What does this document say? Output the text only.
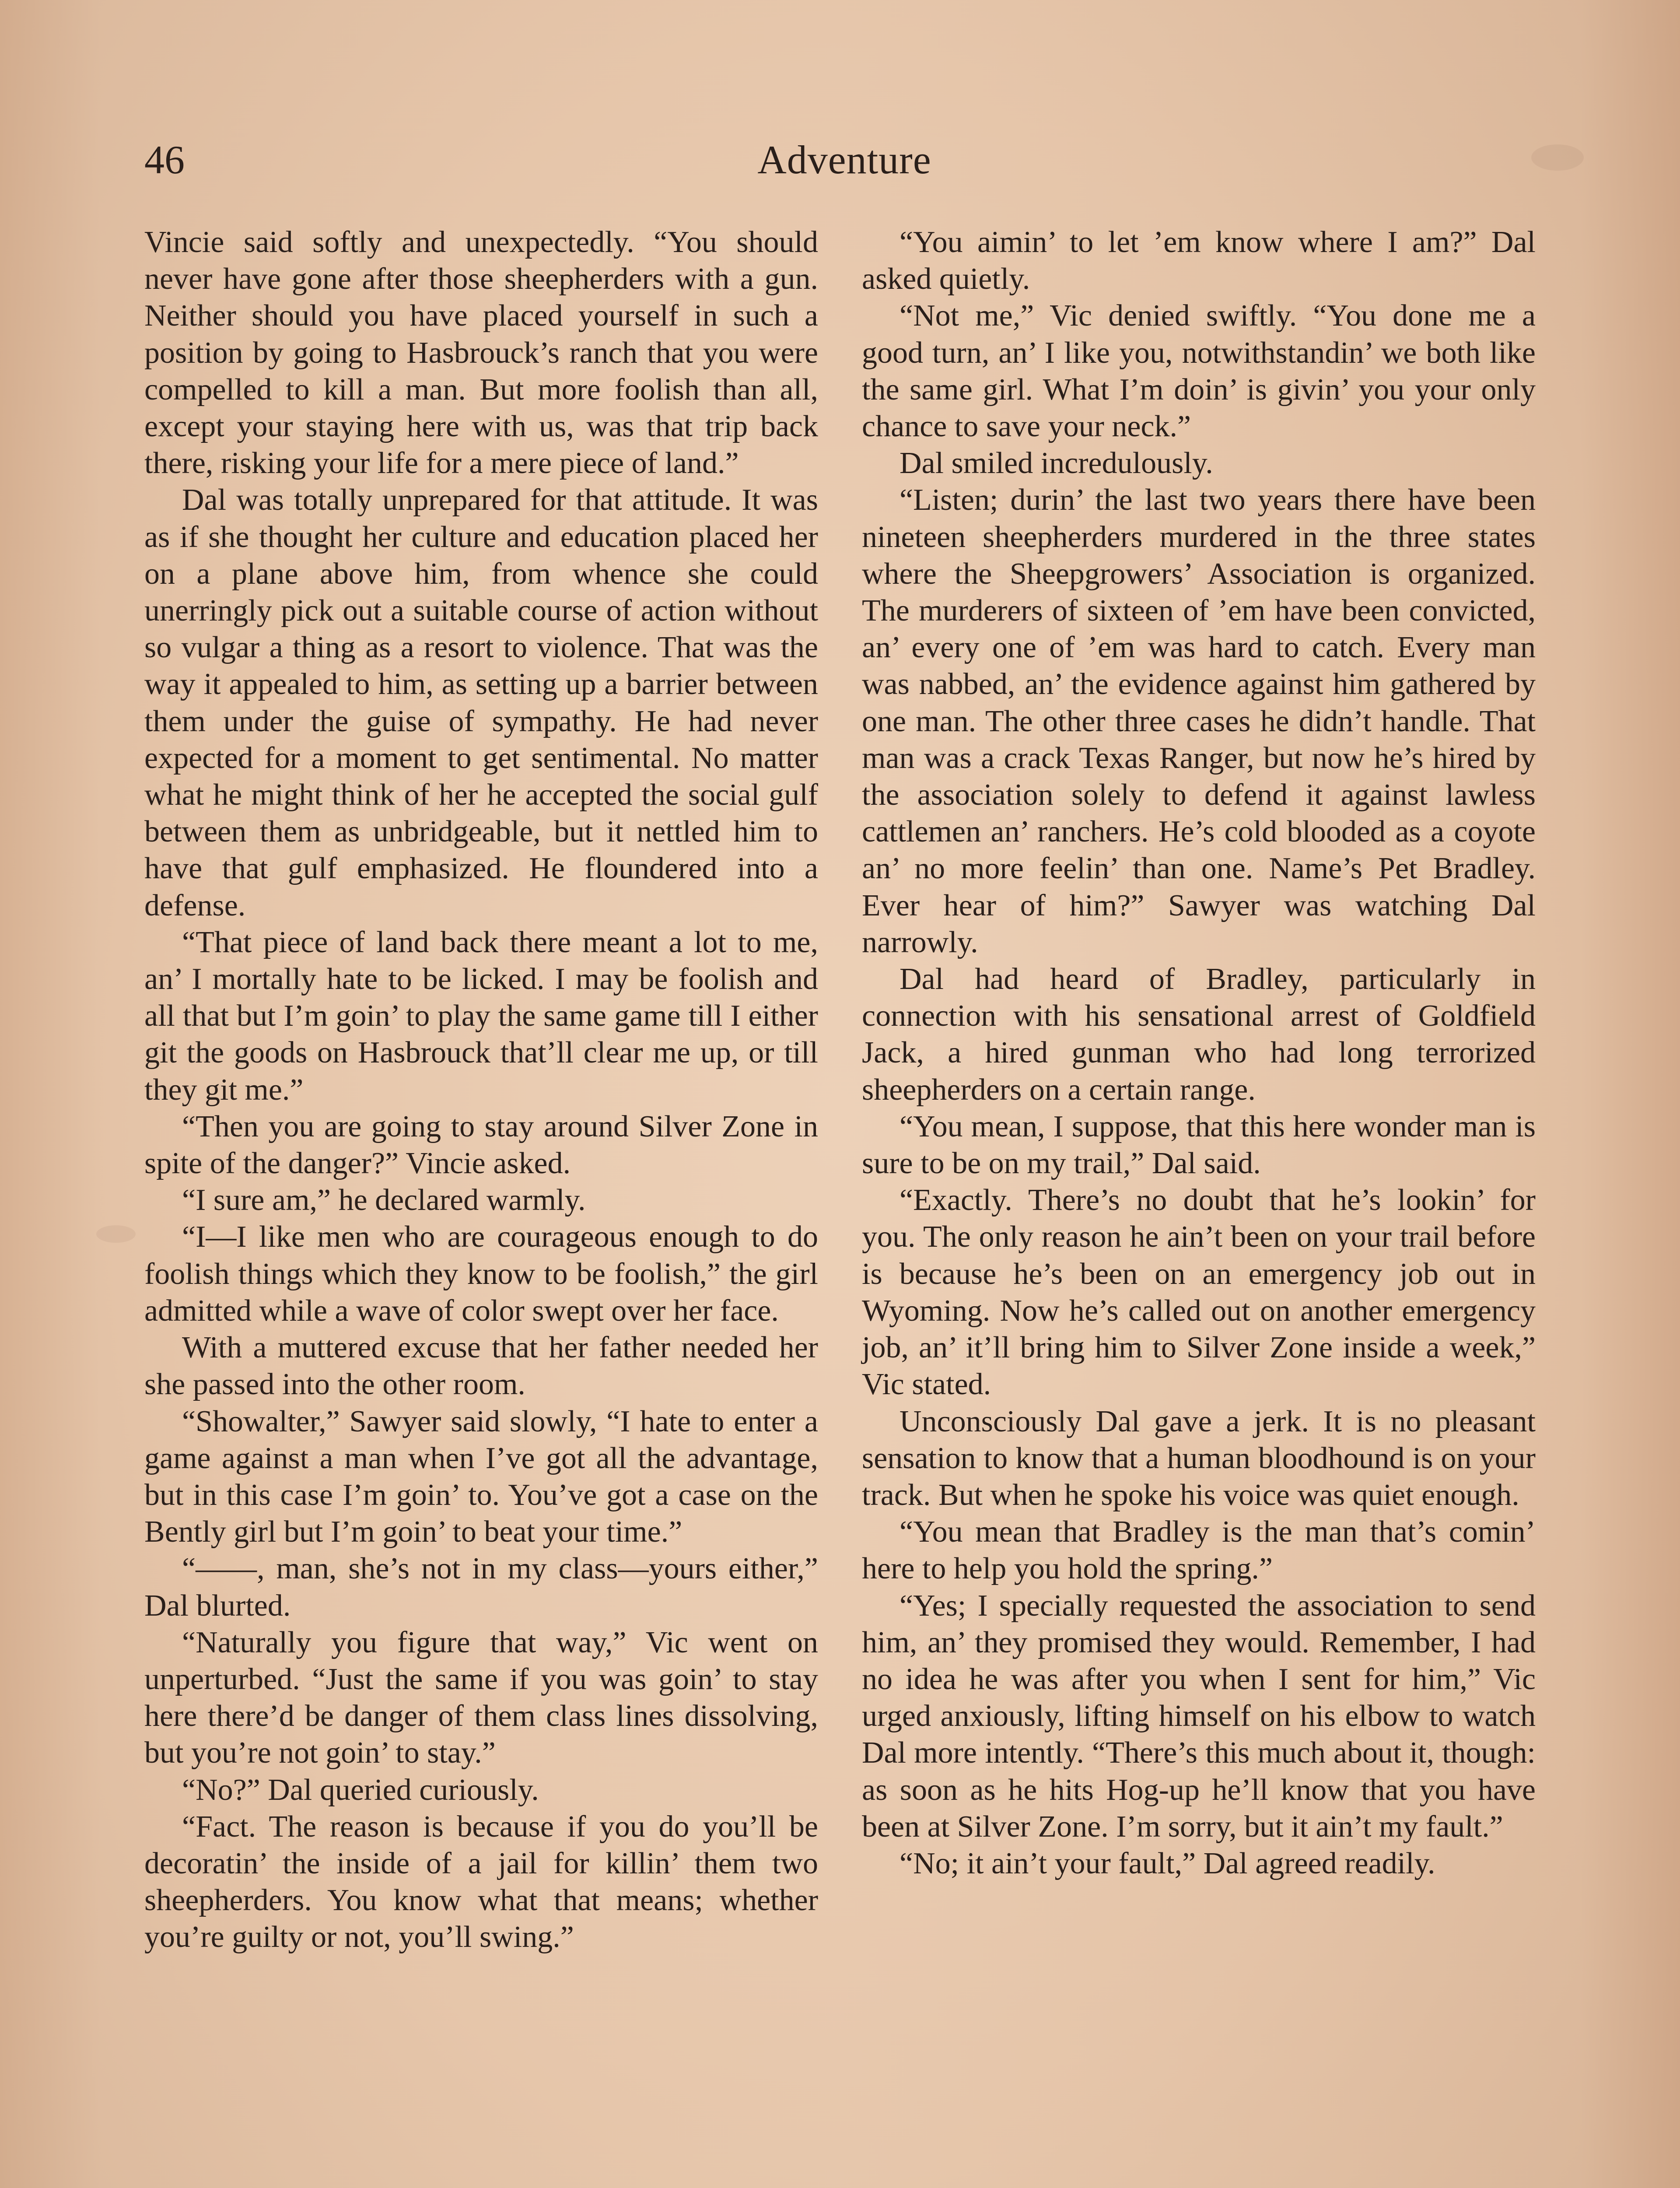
46	Adventure

Vincie said softly and unexpectedly. “You should never have gone after those sheepherders with a gun. Neither should you have placed yourself in such a position by going to Hasbrouck’s ranch that you were compelled to kill a man. But more foolish than all, except your staying here with us, was that trip back there, risking your life for a mere piece of land.”

Dal was totally unprepared for that attitude. It was as if she thought her culture and education placed her on a plane above him, from whence she could unerringly pick out a suitable course of action without so vulgar a thing as a resort to violence. That was the way it appealed to him, as setting up a barrier between them under the guise of sympathy. He had never expected for a moment to get sentimental. No matter what he might think of her he accepted the social gulf between them as unbridgeable, but it nettled him to have that gulf emphasized. He floundered into a defense.

“That piece of land back there meant a lot to me, an’ I mortally hate to be licked. I may be foolish and all that but I’m goin’ to play the same game till I either git the goods on Hasbrouck that’ll clear me up, or till they git me.”

“Then you are going to stay around Silver Zone in spite of the danger?” Vincie asked.

“I sure am,” he declared warmly.

“I—I like men who are courageous enough to do foolish things which they know to be foolish,” the girl admitted while a wave of color swept over her face.

With a muttered excuse that her father needed her she passed into the other room.

“Showalter,” Sawyer said slowly, “I hate to enter a game against a man when I’ve got all the advantage, but in this case I’m goin’ to. You’ve got a case on the Bently girl but I’m goin’ to beat your time.”

“——, man, she’s not in my class—yours either,” Dal blurted.

“Naturally you figure that way,” Vic went on unperturbed. “Just the same if you was goin’ to stay here there’d be danger of them class lines dissolving, but you’re not goin’ to stay.”

“No?” Dal queried curiously.

“Fact. The reason is because if you do you’ll be decoratin’ the inside of a jail for killin’ them two sheepherders. You know what that means; whether you’re guilty or not, you’ll swing.”

“You aimin’ to let ’em know where I am?” Dal asked quietly.

“Not me,” Vic denied swiftly. “You done me a good turn, an’ I like you, notwithstandin’ we both like the same girl. What I’m doin’ is givin’ you your only chance to save your neck.”

Dal smiled incredulously.

“Listen; durin’ the last two years there have been nineteen sheepherders murdered in the three states where the Sheepgrowers’ Association is organized. The murderers of sixteen of ’em have been convicted, an’ every one of ’em was hard to catch. Every man was nabbed, an’ the evidence against him gathered by one man. The other three cases he didn’t handle. That man was a crack Texas Ranger, but now he’s hired by the association solely to defend it against lawless cattlemen an’ ranchers. He’s cold blooded as a coyote an’ no more feelin’ than one. Name’s Pet Bradley. Ever hear of him?” Sawyer was watching Dal narrowly.

Dal had heard of Bradley, particularly in connection with his sensational arrest of Goldfield Jack, a hired gunman who had long terrorized sheepherders on a certain range.

“You mean, I suppose, that this here wonder man is sure to be on my trail,” Dal said.

“Exactly. There’s no doubt that he’s lookin’ for you. The only reason he ain’t been on your trail before is because he’s been on an emergency job out in Wyoming. Now he’s called out on another emergency job, an’ it’ll bring him to Silver Zone inside a week,” Vic stated.

Unconsciously Dal gave a jerk. It is no pleasant sensation to know that a human bloodhound is on your track. But when he spoke his voice was quiet enough.

“You mean that Bradley is the man that’s comin’ here to help you hold the spring.”

“Yes; I specially requested the association to send him, an’ they promised they would. Remember, I had no idea he was after you when I sent for him,” Vic urged anxiously, lifting himself on his elbow to watch Dal more intently. “There’s this much about it, though: as soon as he hits Hog-up he’ll know that you have been at Silver Zone. I’m sorry, but it ain’t my fault.”

“No; it ain’t your fault,” Dal agreed readily.
